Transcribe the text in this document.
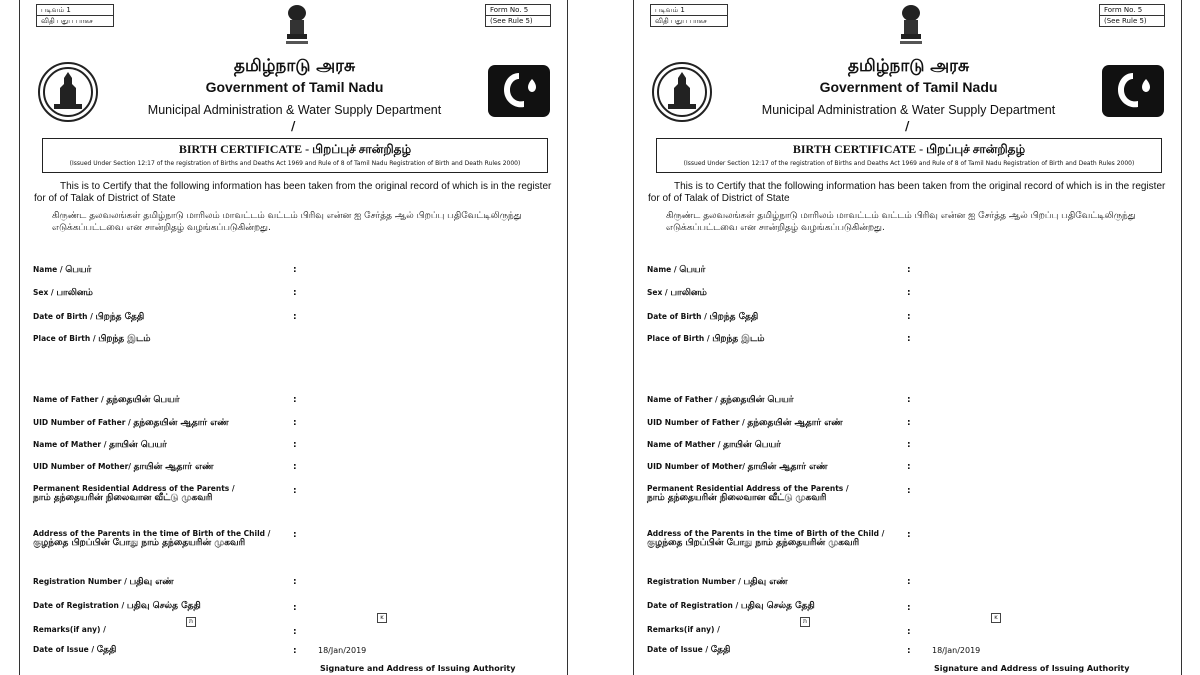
படிவம் 1
விதி பதுப பாகச
Form No. 5
(See Rule 5)
தமிழ்நாடு அரசு
Government of Tamil Nadu
Municipal Administration & Water Supply Department
/
BIRTH CERTIFICATE - பிறப்புச் சான்றிதழ்
(Issued Under Section 12:17 of the registration of Births and Deaths Act 1969 and Rule of 8 of Tamil Nadu Registration of Birth and Death Rules 2000)
This is to Certify that the following information has been taken from the original record of which is in the register for of of Talak of District of State
கிருண்ட தலவலங்கள் தமிழ்நாடு மாரிலம் மாவட்டம் வட்டம் பிரிவு என்ன ஐ சேர்த்த ஆல் பிறப்பு பதிவேட்டிலிருந்து எடுக்கப்பட்டவை என சான்றிதழ் வழங்கப்படுகின்றது.
Name / பெயர்	:
Sex / பாலினம்	:
Date of Birth / பிறந்த தேதி	:
Place of Birth / பிறந்த இடம்
Name of Father / தந்தையின் பெயர்	:
UID Number of Father / தந்தையின் ஆதார் எண்	:
Name of Mather / தாயின் பெயர்	:
UID Number of Mother/ தாயின் ஆதார் எண்	:
Permanent Residential Address of the Parents /
நாம் தந்தையரின் நிலைவான வீட்டு முகவரி
:
Address of the Parents in the time of Birth of the Child /
குழந்தை பிறப்பின் போது நாம் தந்தையரின் முகவரி
:
Registration Number / பதிவு எண்	:
Date of Registration / பதிவு செல்த தேதி	:
ת
ĸ
Remarks(if any) /	:
Date of Issue / தேதி	:	18/Jan/2019
Signature and Address of Issuing Authority
படிவம் 1
விதி பதுப பாகச
Form No. 5
(See Rule 5)
தமிழ்நாடு அரசு
Government of Tamil Nadu
Municipal Administration & Water Supply Department
/
BIRTH CERTIFICATE - பிறப்புச் சான்றிதழ்
(Issued Under Section 12:17 of the registration of Births and Deaths Act 1969 and Rule of 8 of Tamil Nadu Registration of Birth and Death Rules 2000)
This is to Certify that the following information has been taken from the original record of which is in the register for of of Talak of District of State
கிருண்ட தலவலங்கள் தமிழ்நாடு மாரிலம் மாவட்டம் வட்டம் பிரிவு என்ன ஐ சேர்த்த ஆல் பிறப்பு பதிவேட்டிலிருந்து எடுக்கப்பட்டவை என சான்றிதழ் வழங்கப்படுகின்றது.
Name / பெயர்	:
Sex / பாலினம்	:
Date of Birth / பிறந்த தேதி	:
Place of Birth / பிறந்த இடம்	:
Name of Father / தந்தையின் பெயர்	:
UID Number of Father / தந்தையின் ஆதார் எண்	:
Name of Mather / தாயின் பெயர்	:
UID Number of Mother/ தாயின் ஆதார் எண்	:
Permanent Residential Address of the Parents /
நாம் தந்தையரின் நிலைவான வீட்டு முகவரி
:
Address of the Parents in the time of Birth of the Child /
குழந்தை பிறப்பின் போது நாம் தந்தையரின் முகவரி
:
Registration Number / பதிவு எண்	:
Date of Registration / பதிவு செல்த தேதி	:
ת
ĸ
Remarks(if any) /	:
Date of Issue / தேதி	:	18/Jan/2019
Signature and Address of Issuing Authority
